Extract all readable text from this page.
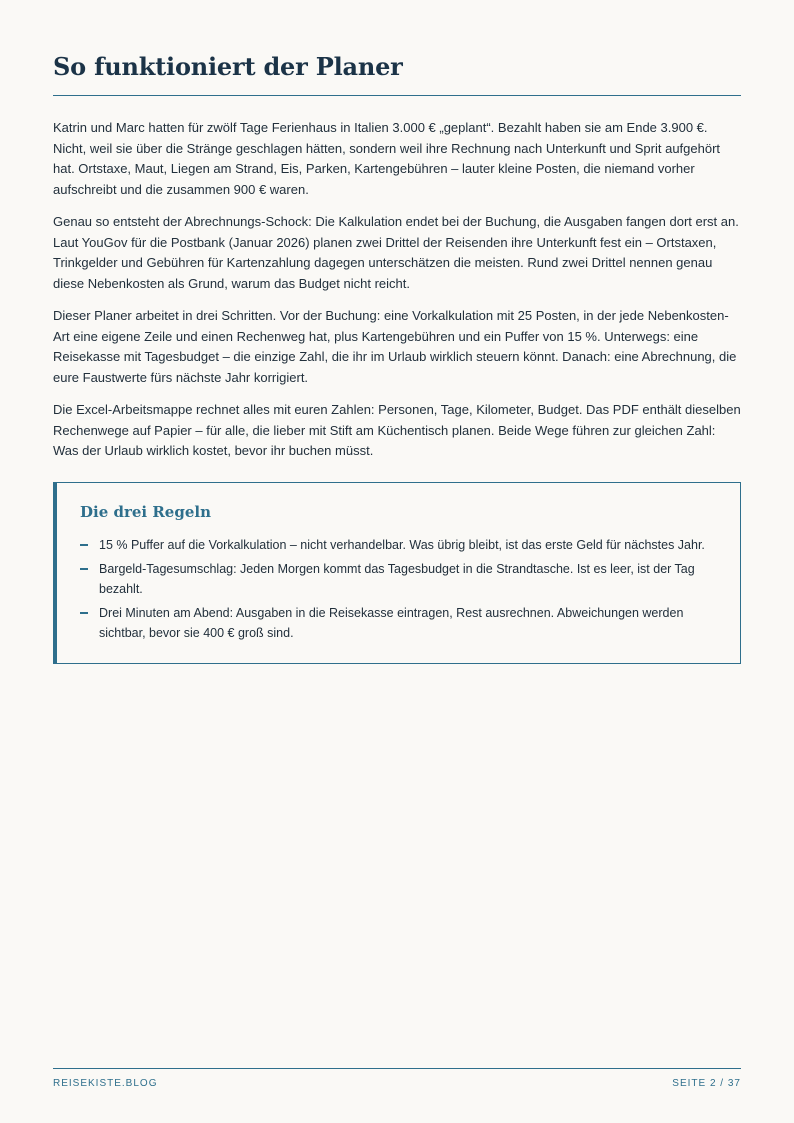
So funktioniert der Planer

Katrin und Marc hatten für zwölf Tage Ferienhaus in Italien 3.000 € „geplant“. Bezahlt haben sie am Ende 3.900 €. Nicht, weil sie über die Stränge geschlagen hätten, sondern weil ihre Rechnung nach Unterkunft und Sprit aufgehört hat. Ortstaxe, Maut, Liegen am Strand, Eis, Parken, Kartengebühren – lauter kleine Posten, die niemand vorher aufschreibt und die zusammen 900 € waren.

Genau so entsteht der Abrechnungs-Schock: Die Kalkulation endet bei der Buchung, die Ausgaben fangen dort erst an. Laut YouGov für die Postbank (Januar 2026) planen zwei Drittel der Reisenden ihre Unterkunft fest ein – Ortstaxen, Trinkgelder und Gebühren für Kartenzahlung dagegen unterschätzen die meisten. Rund zwei Drittel nennen genau diese Nebenkosten als Grund, warum das Budget nicht reicht.

Dieser Planer arbeitet in drei Schritten. Vor der Buchung: eine Vorkalkulation mit 25 Posten, in der jede Nebenkosten-Art eine eigene Zeile und einen Rechenweg hat, plus Kartengebühren und ein Puffer von 15 %. Unterwegs: eine Reisekasse mit Tagesbudget – die einzige Zahl, die ihr im Urlaub wirklich steuern könnt. Danach: eine Abrechnung, die eure Faustwerte fürs nächste Jahr korrigiert.

Die Excel-Arbeitsmappe rechnet alles mit euren Zahlen: Personen, Tage, Kilometer, Budget. Das PDF enthält dieselben Rechenwege auf Papier – für alle, die lieber mit Stift am Küchentisch planen. Beide Wege führen zur gleichen Zahl: Was der Urlaub wirklich kostet, bevor ihr buchen müsst.

Die drei Regeln
15 % Puffer auf die Vorkalkulation – nicht verhandelbar. Was übrig bleibt, ist das erste Geld für nächstes Jahr.
Bargeld-Tagesumschlag: Jeden Morgen kommt das Tagesbudget in die Strandtasche. Ist es leer, ist der Tag bezahlt.
Drei Minuten am Abend: Ausgaben in die Reisekasse eintragen, Rest ausrechnen. Abweichungen werden sichtbar, bevor sie 400 € groß sind.
REISEKISTE.BLOG	SEITE 2 / 37
